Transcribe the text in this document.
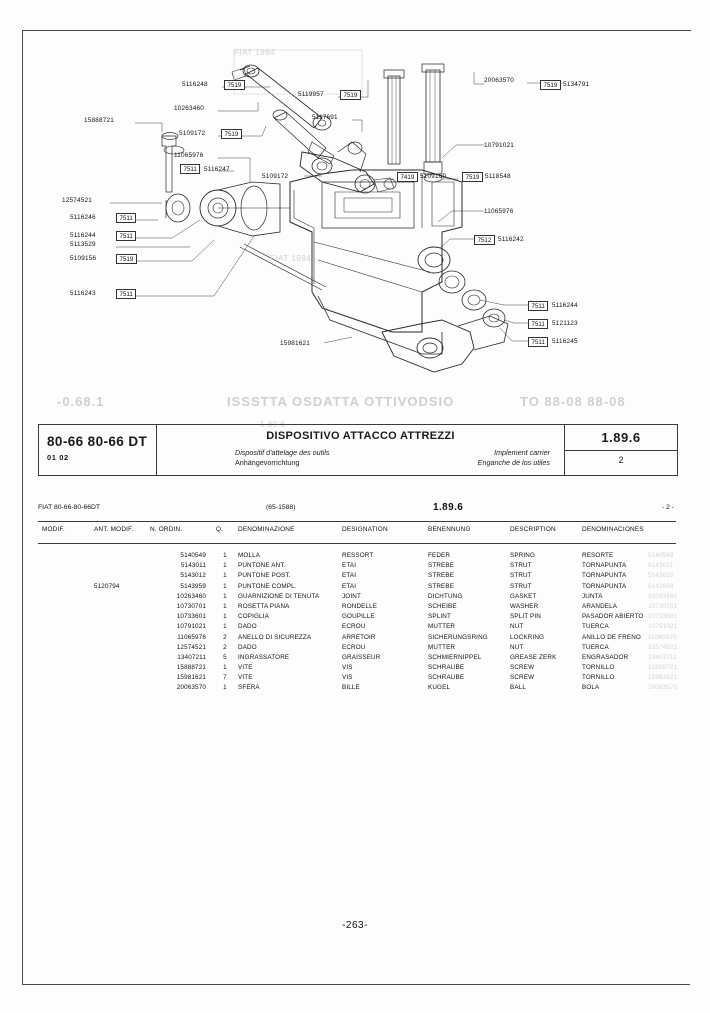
FIAT 1984
-0.68.1	ISSSTTA OSDATTA OTTIVODSIO	TO 88-08 88-08
FIAT 1984
1.89.6
5116248	7519
10263460
15888721
5109172	7519
11065976
7511	5116247
12574521
5116246	7511
5116244	7511
5113529
5109156	7519
5116243	7511
5119957	7519
5117691
5109172	7419 5109160	7519 5118548
20063570
7519 5134791
10791021
11065976
7512	5116242
7511	5116244
7511	5121123
7511	5116245
15981621
80-66 80-66 DT
01 02
DISPOSITIVO ATTACCO ATTREZZI
Dispositif d'attelage des outils
Anhängevorrichtung
Implement carrier
Enganche de los utiles
1.89.6
2
FIAT 80-66-80-66DT	(65-1588)	1.89.6	- 2 -
MODIF.	ANT. MODIF.	N. ORDIN.	Q. DENOMINAZIONE	DESIGNATION	BENENNUNG	DESCRIPTION	DENOMINACIONES
5140549	1	MOLLA	RESSORT	FEDER	SPRING	RESORTE	5140549
5143011	1	PUNTONE ANT.	ETAI	STREBE	STRUT	TORNAPUNTA	5143011
5143012	1	PUNTONE POST.	ETAI	STREBE	STRUT	TORNAPUNTA	5143012
5120794	5143959	1	PUNTONE COMPL.	ETAI	STREBE	STRUT	TORNAPUNTA	5143959
10263460	1	GUARNIZIONE DI TENUTA	JOINT	DICHTUNG	GASKET	JUNTA	10263460
10730701	1	ROSETTA PIANA	RONDELLE	SCHEIBE	WASHER	ARANDELA	10730701
10733601	1	COPIGLIA	GOUPILLE	SPLINT	SPLIT PIN	PASADOR ABIERTO 10733601
10791021	1	DADO	ECROU	MUTTER	NUT	TUERCA	10791021
11065976	2	ANELLO DI SICUREZZA	ARRETOIR	SICHERUNGSRING	LOCKRING	ANILLO DE FRENO 11065976
12574521	2	DADO	ECROU	MUTTER	NUT	TUERCA	12574521
13407211	5	INGRASSATORE	GRAISSEUR	SCHMIERNIPPEL	GREASE ZERK	ENGRASADOR	13407211
15888721	1	VITE	VIS	SCHRAUBE	SCREW	TORNILLO	15888721
15981621	7	VITE	VIS	SCHRAUBE	SCREW	TORNILLO	15981621
20063570	1	SFERA	BILLE	KUGEL	BALL	BOLA	20063570
-263-
